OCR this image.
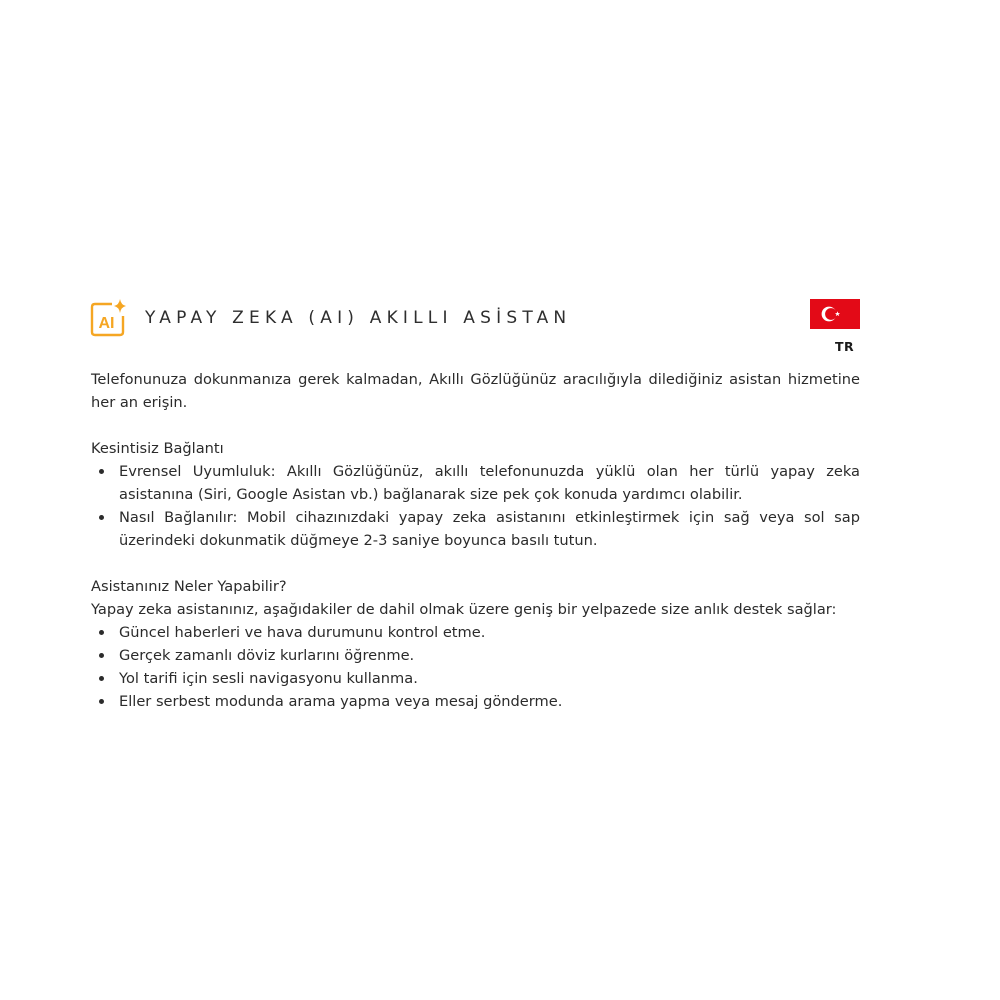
AI YAPAY ZEKA (AI) AKILLI ASİSTAN
TR

Telefonunuza dokunmanıza gerek kalmadan, Akıllı Gözlüğünüz aracılığıyla dilediğiniz asistan hizmetine her an erişin.

Kesintisiz Bağlantı

Evrensel Uyumluluk: Akıllı Gözlüğünüz, akıllı telefonunuzda yüklü olan her türlü yapay zeka asistanına (Siri, Google Asistan vb.) bağlanarak size pek çok konuda yardımcı olabilir.
Nasıl Bağlanılır: Mobil cihazınızdaki yapay zeka asistanını etkinleştirmek için sağ veya sol sap üzerindeki dokunmatik düğmeye 2-3 saniye boyunca basılı tutun.

Asistanınız Neler Yapabilir?

Yapay zeka asistanınız, aşağıdakiler de dahil olmak üzere geniş bir yelpazede size anlık destek sağlar:

Güncel haberleri ve hava durumunu kontrol etme.
Gerçek zamanlı döviz kurlarını öğrenme.
Yol tarifi için sesli navigasyonu kullanma.
Eller serbest modunda arama yapma veya mesaj gönderme.
